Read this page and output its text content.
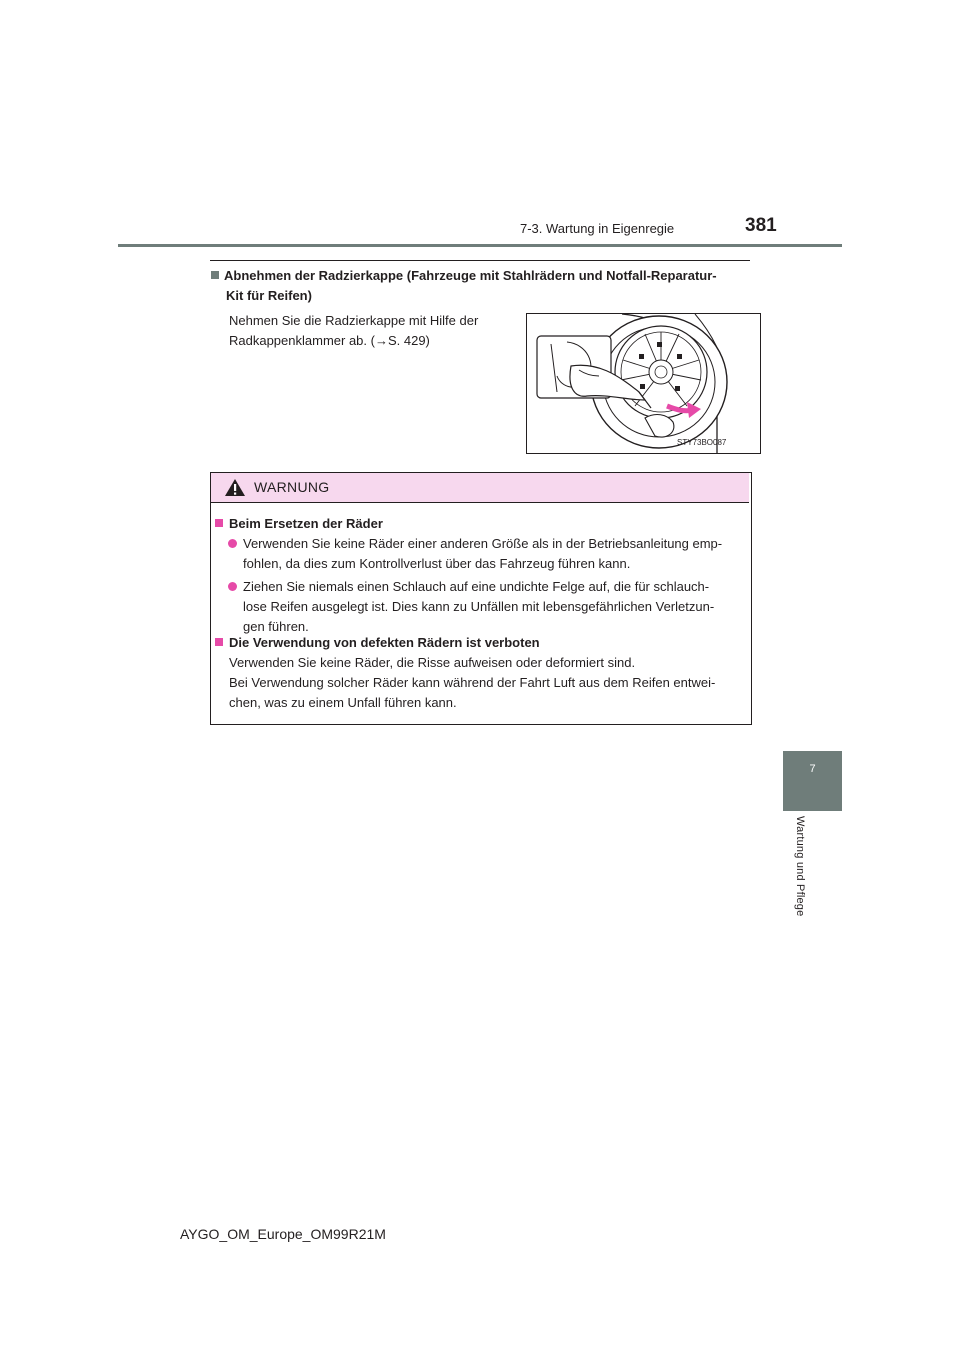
7-3. Wartung in Eigenregie	381
7
Wartung und Pflege
Abnehmen der Radzierkappe (Fahrzeuge mit Stahlrädern und Notfall-Reparatur-
Kit für Reifen)
Nehmen Sie die Radzierkappe mit Hilfe der
Radkappenklammer ab. (→S. 429)
STY73BO087
WARNUNG
Beim Ersetzen der Räder
Verwenden Sie keine Räder einer anderen Größe als in der Betriebsanleitung emp-
fohlen, da dies zum Kontrollverlust über das Fahrzeug führen kann.
Ziehen Sie niemals einen Schlauch auf eine undichte Felge auf, die für schlauch-
lose Reifen ausgelegt ist. Dies kann zu Unfällen mit lebensgefährlichen Verletzun-
gen führen.
Die Verwendung von defekten Rädern ist verboten
Verwenden Sie keine Räder, die Risse aufweisen oder deformiert sind.
Bei Verwendung solcher Räder kann während der Fahrt Luft aus dem Reifen entwei-
chen, was zu einem Unfall führen kann.
AYGO_OM_Europe_OM99R21M
